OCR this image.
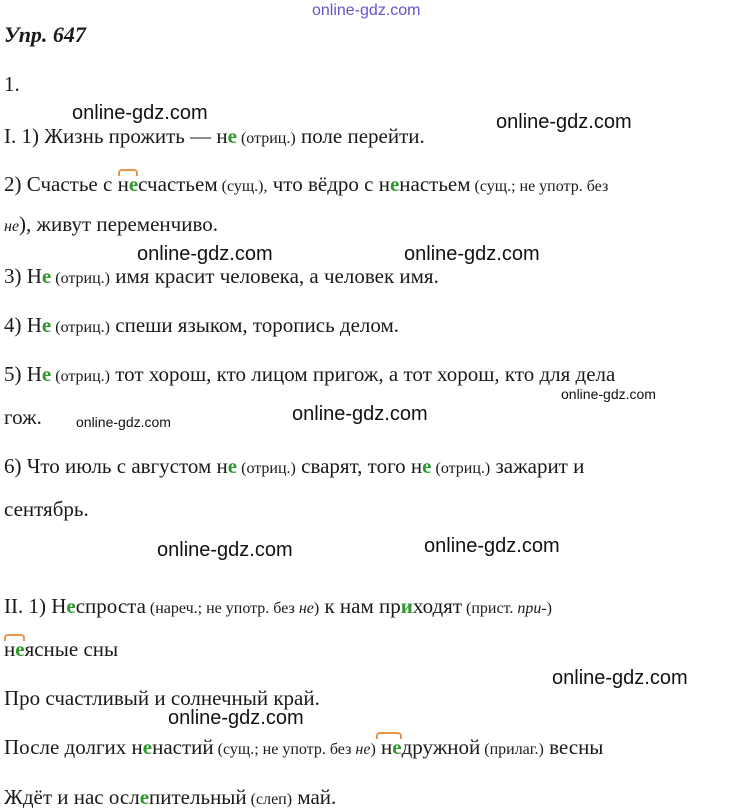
online-gdz.com
online-gdz.com	online-gdz.com
online-gdz.com	online-gdz.com
online-gdz.com
online-gdz.com
online-gdz.com
online-gdz.com	online-gdz.com
online-gdz.com
online-gdz.com
Упр. 647
1.
I. 1) Жизнь прожить — не (отриц.) поле перейти.
2) Счастье с несчастьем (сущ.), что вёдро с ненастьем (сущ.; не употр. без
не), живут переменчиво.
3) Не (отриц.) имя красит человека, а человек имя.
4) Не (отриц.) спеши языком, торопись делом.
5) Не (отриц.) тот хорош, кто лицом пригож, а тот хорош, кто для дела
гож.
6) Что июль с августом не (отриц.) сварят, того не (отриц.) зажарит и
сентябрь.
II. 1) Неспроста (нареч.; не употр. без не) к нам приходят (прист. при-)
неясные сны
Про счастливый и солнечный край.
После долгих ненастий (сущ.; не употр. без не) недружной (прилаг.) весны
Ждёт и нас ослепительный (слеп) май.
